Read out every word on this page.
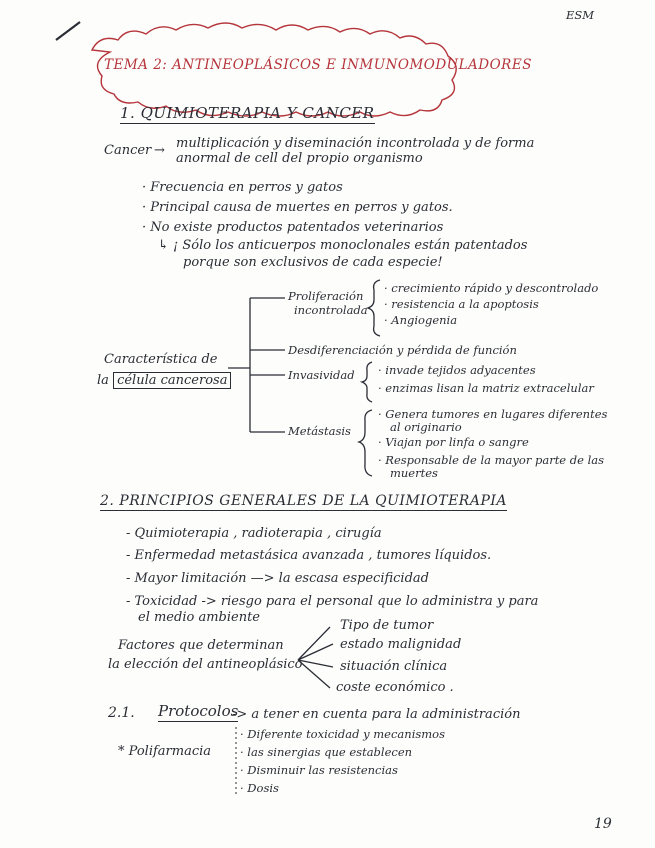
ESM
TEMA 2: ANTINEOPLÁSICOS E INMUNOMODULADORES
1. QUIMIOTERAPIA Y CANCER
Cancer → multiplicación y diseminación incontrolada y de forma
anormal de cell del propio organismo
· Frecuencia en perros y gatos
· Principal causa de muertes en perros y gatos.
· No existe productos patentados veterinarios
↳ ¡ Sólo los anticuerpos monoclonales están patentados
porque son exclusivos de cada especie!
Característica de
la célula cancerosa
Proliferación
incontrolada
· crecimiento rápido y descontrolado
· resistencia a la apoptosis
· Angiogenia
Desdiferenciación y pérdida de función
Invasividad · invade tejidos adyacentes
· enzimas lisan la matriz extracelular
Metástasis
· Genera tumores en lugares diferentes
al originario
· Viajan por linfa o sangre
· Responsable de la mayor parte de las
muertes
2. PRINCIPIOS GENERALES DE LA QUIMIOTERAPIA
- Quimioterapia , radioterapia , cirugía
- Enfermedad metastásica avanzada , tumores líquidos.
- Mayor limitación —> la escasa especificidad
- Toxicidad -> riesgo para el personal que lo administra y para
el medio ambiente
Factores que determinan
la elección del antineoplásico
Tipo de tumor
estado malignidad
situación clínica
coste económico .
2.1. Protocolos
-> a tener en cuenta para la administración
* Polifarmacia
· Diferente toxicidad y mecanismos
· las sinergias que establecen
· Disminuir las resistencias
· Dosis
19
